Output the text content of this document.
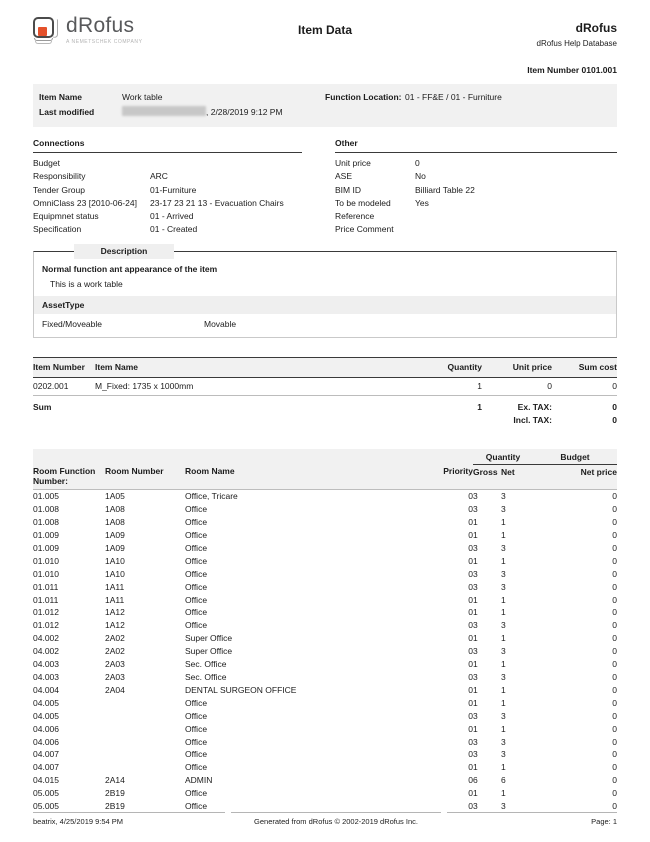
dRofus
A NEMETSCHEK COMPANY
Item Data	dRofus
dRofus Help Database
Item Number 0101.001
Item Name	Work table
Last modified	, 2/28/2019 9:12 PM
Function Location: 01 - FF&E / 01 - Furniture
Connections
Budget
Responsibility	ARC
Tender Group	01-Furniture
OmniClass 23 [2010-06-24]	23-17 23 21 13 - Evacuation Chairs
Equipmnet status	01 - Arrived
Specification	01 - Created
Other
Unit price	0
ASE	No
BIM ID	Billiard Table 22
To be modeled	Yes
Reference
Price Comment
Description
Normal function ant appearance of the item
This is a work table
AssetType
Fixed/Moveable	Movable
Item Number	Item Name	Quantity	Unit price	Sum cost
0202.001	M_Fixed: 1735 x 1000mm	1	0	0
Sum		1	Ex. TAX:	0
			Incl. TAX:	0
				Quantity		Budget
Room Function Number:	Room Number	Room Name	Priority	Gross	Net	Net price
01.005	1A05	Office, Tricare	0	3	3	0
01.008	1A08	Office	0	3	3	0
01.008	1A08	Office	0	1	1	0
01.009	1A09	Office	0	1	1	0
01.009	1A09	Office	0	3	3	0
01.010	1A10	Office	0	1	1	0
01.010	1A10	Office	0	3	3	0
01.011	1A11	Office	0	3	3	0
01.011	1A11	Office	0	1	1	0
01.012	1A12	Office	0	1	1	0
01.012	1A12	Office	0	3	3	0
04.002	2A02	Super Office	0	1	1	0
04.002	2A02	Super Office	0	3	3	0
04.003	2A03	Sec. Office	0	1	1	0
04.003	2A03	Sec. Office	0	3	3	0
04.004	2A04	DENTAL SURGEON OFFICE	0	1	1	0
04.005		Office	0	1	1	0
04.005		Office	0	3	3	0
04.006		Office	0	1	1	0
04.006		Office	0	3	3	0
04.007		Office	0	3	3	0
04.007		Office	0	1	1	0
04.015	2A14	ADMIN	0	6	6	0
05.005	2B19	Office	0	1	1	0
05.005	2B19	Office	0	3	3	0
beatrix, 4/25/2019 9:54 PM	Generated from dRofus © 2002-2019 dRofus Inc.	Page: 1
